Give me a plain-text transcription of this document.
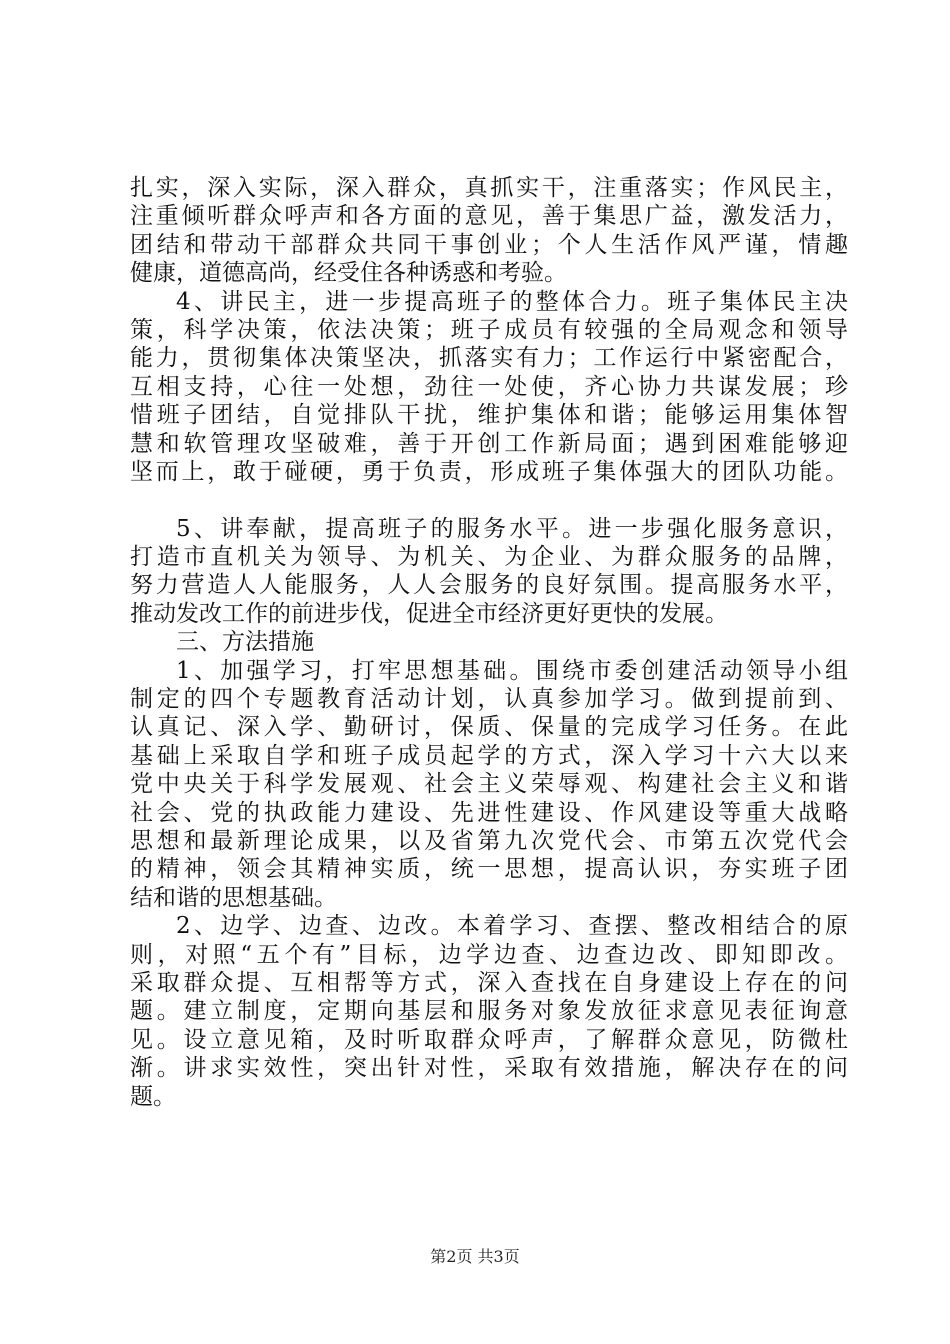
扎实，深入实际，深入群众，真抓实干，注重落实；作风民主，
注重倾听群众呼声和各方面的意见，善于集思广益，激发活力，
团结和带动干部群众共同干事创业；个人生活作风严谨，情趣
健康，道德高尚，经受住各种诱惑和考验。
4、讲民主，进一步提高班子的整体合力。班子集体民主决
策，科学决策，依法决策；班子成员有较强的全局观念和领导
能力，贯彻集体决策坚决，抓落实有力；工作运行中紧密配合，
互相支持，心往一处想，劲往一处使，齐心协力共谋发展；珍
惜班子团结，自觉排队干扰，维护集体和谐；能够运用集体智
慧和软管理攻坚破难，善于开创工作新局面；遇到困难能够迎
坚而上，敢于碰硬，勇于负责，形成班子集体强大的团队功能。
5、讲奉献，提高班子的服务水平。进一步强化服务意识，
打造市直机关为领导、为机关、为企业、为群众服务的品牌，
努力营造人人能服务，人人会服务的良好氛围。提高服务水平，
推动发改工作的前进步伐，促进全市经济更好更快的发展。
三、方法措施
1、加强学习，打牢思想基础。围绕市委创建活动领导小组
制定的四个专题教育活动计划，认真参加学习。做到提前到、
认真记、深入学、勤研讨，保质、保量的完成学习任务。在此
基础上采取自学和班子成员起学的方式，深入学习十六大以来
党中央关于科学发展观、社会主义荣辱观、构建社会主义和谐
社会、党的执政能力建设、先进性建设、作风建设等重大战略
思想和最新理论成果，以及省第九次党代会、市第五次党代会
的精神，领会其精神实质，统一思想，提高认识，夯实班子团
结和谐的思想基础。
2、边学、边查、边改。本着学习、查摆、整改相结合的原
则，对照“五个有”目标，边学边查、边查边改、即知即改。
采取群众提、互相帮等方式，深入查找在自身建设上存在的问
题。建立制度，定期向基层和服务对象发放征求意见表征询意
见。设立意见箱，及时听取群众呼声，了解群众意见，防微杜
渐。讲求实效性，突出针对性，采取有效措施，解决存在的问
题。
第2页 共3页
